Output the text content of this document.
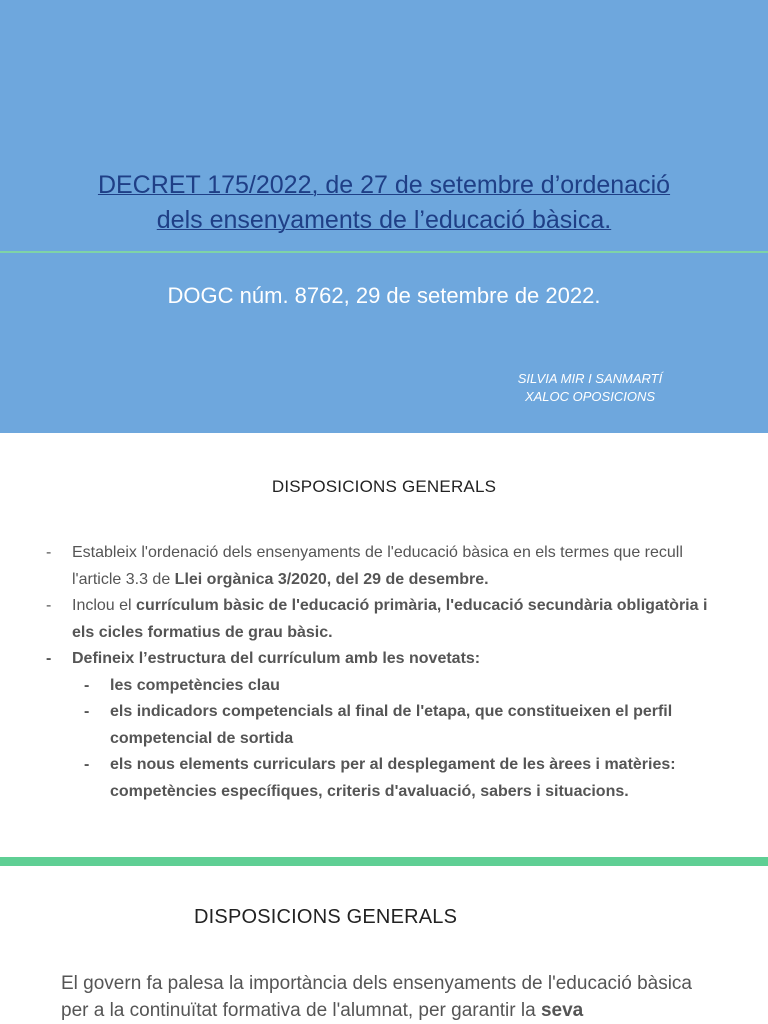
DECRET 175/2022, de 27 de setembre d’ordenació
dels ensenyaments de l’educació bàsica.
DOGC núm. 8762, 29 de setembre de 2022.
SILVIA MIR I SANMARTÍ
XALOC OPOSICIONS
DISPOSICIONS GENERALS
- Estableix l'ordenació dels ensenyaments de l'educació bàsica en els termes que recull l'article 3.3 de Llei orgànica 3/2020, del 29 de desembre.
- Inclou el currículum bàsic de l'educació primària, l'educació secundària obligatòria i els cicles formatius de grau bàsic.
- Defineix l’estructura del currículum amb les novetats:
- les competències clau
- els indicadors competencials al final de l'etapa, que constitueixen el perfil competencial de sortida
- els nous elements curriculars per al desplegament de les àrees i matèries: competències específiques, criteris d'avaluació, sabers i situacions.
DISPOSICIONS GENERALS
El govern fa palesa la importància dels ensenyaments de l'educació bàsica per a la continuïtat formativa de l'alumnat, per garantir la seva
